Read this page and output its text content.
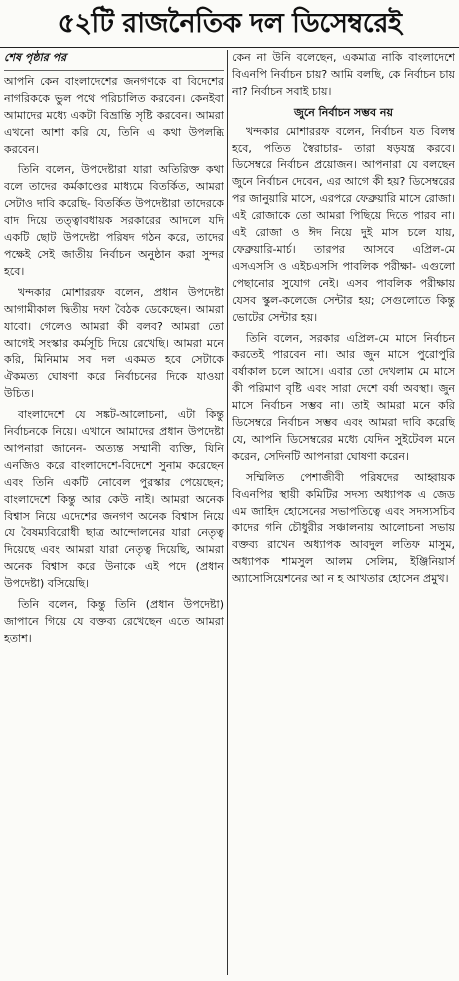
৫২টি রাজনৈতিক দল ডিসেম্বরেই
শেষ পৃষ্ঠার পর

আপনি কেন বাংলাদেশের জনগণকে বা বিদেশের নাগরিককে ভুল পথে পরিচালিত করবেন। কেনইবা আমাদের মধ্যে একটা বিভ্রান্তি সৃষ্টি করবেন। আমরা এখনো আশা করি যে, তিনি এ কথা উপলব্ধি করবেন।

তিনি বলেন, উপদেষ্টারা যারা অতিরিক্ত কথা বলে তাদের কর্মকাণ্ডের মাধ্যমে বিতর্কিত, আমরা সেটাও দাবি করেছি- বিতর্কিত উপদেষ্টারা তাদেরকে বাদ দিয়ে তত্ত্বাবধায়ক সরকারের আদলে যদি একটি ছোট উপদেষ্টা পরিষদ গঠন করে, তাদের পক্ষেই সেই জাতীয় নির্বাচন অনুষ্ঠান করা সুন্দর হবে।

খন্দকার মোশাররফ বলেন, প্রধান উপদেষ্টা আগামীকাল দ্বিতীয় দফা বৈঠক ডেকেছেন। আমরা যাবো। গেলেও আমরা কী বলব? আমরা তো আগেই সংস্কার কর্মসূচি দিয়ে রেখেছি। আমরা মনে করি, মিনিমাম সব দল একমত হবে সেটাকে ঐকমত্য ঘোষণা করে নির্বাচনের দিকে যাওয়া উচিত।

বাংলাদেশে যে সঙ্কট-আলোচনা, এটা কিন্তু নির্বাচনকে নিয়ে। এখানে আমাদের প্রধান উপদেষ্টা আপনারা জানেন- অত্যন্ত সম্মানী ব্যক্তি, যিনি এনজিও করে বাংলাদেশে-বিদেশে সুনাম করেছেন এবং তিনি একটি নোবেল পুরস্কার পেয়েছেন; বাংলাদেশে কিন্তু আর কেউ নাই। আমরা অনেক বিশ্বাস নিয়ে এদেশের জনগণ অনেক বিশ্বাস নিয়ে যে বৈষম্যবিরোধী ছাত্র আন্দোলনের যারা নেতৃত্ব দিয়েছে এবং আমরা যারা নেতৃত্ব দিয়েছি, আমরা অনেক বিশ্বাস করে উনাকে এই পদে (প্রধান উপদেষ্টা) বসিয়েছি।

তিনি বলেন, কিন্তু তিনি (প্রধান উপদেষ্টা) জাপানে গিয়ে যে বক্তব্য রেখেছেন এতে আমরা হতাশ।

কেন না উনি বলেছেন, একমাত্র নাকি বাংলাদেশে বিএনপি নির্বাচন চায়? আমি বলছি, কে নির্বাচন চায় না? নির্বাচন সবাই চায়।

জুনে নির্বাচন সম্ভব নয়

খন্দকার মোশাররফ বলেন, নির্বাচন যত বিলম্ব হবে, পতিত স্বৈরাচার- তারা ষড়যন্ত্র করবে। ডিসেম্বরে নির্বাচন প্রয়োজন। আপনারা যে বলছেন জুনে নির্বাচন দেবেন, এর আগে কী হয়? ডিসেম্বরের পর জানুয়ারি মাসে, এরপরে ফেব্রুয়ারি মাসে রোজা। এই রোজাকে তো আমরা পিছিয়ে দিতে পারব না। এই রোজা ও ঈদ নিয়ে দুই মাস চলে যায়, ফেব্রুয়ারি-মার্চ। তারপর আসবে এপ্রিল-মে এসএসসি ও এইচএসসি পাবলিক পরীক্ষা- এগুলো পেছানোর সুযোগ নেই। এসব পাবলিক পরীক্ষায় যেসব স্কুল-কলেজে সেন্টার হয়; সেগুলোতে কিন্তু ভোটের সেন্টার হয়।

তিনি বলেন, সরকার এপ্রিল-মে মাসে নির্বাচন করতেই পারবেন না। আর জুন মাসে পুরোপুরি বর্ষাকাল চলে আসে। এবার তো দেখলাম মে মাসে কী পরিমাণ বৃষ্টি এবং সারা দেশে বর্ষা অবস্থা। জুন মাসে নির্বাচন সম্ভব না। তাই আমরা মনে করি ডিসেম্বরে নির্বাচন সম্ভব এবং আমরা দাবি করেছি যে, আপনি ডিসেম্বরের মধ্যে যেদিন সুইটেবল মনে করেন, সেদিনটি আপনারা ঘোষণা করেন।

সম্মিলিত পেশাজীবী পরিষদের আহ্বায়ক বিএনপির স্থায়ী কমিটির সদস্য অধ্যাপক এ জেড এম জাহিদ হোসেনের সভাপতিত্বে এবং সদস্যসচিব কাদের গনি চৌধুরীর সঞ্চালনায় আলোচনা সভায় বক্তব্য রাখেন অধ্যাপক আবদুল লতিফ মাসুম, অধ্যাপক শামসুল আলম সেলিম, ইঞ্জিনিয়ার্স অ্যাসোসিয়েশনের আ ন হ আখতার হোসেন প্রমুখ।
